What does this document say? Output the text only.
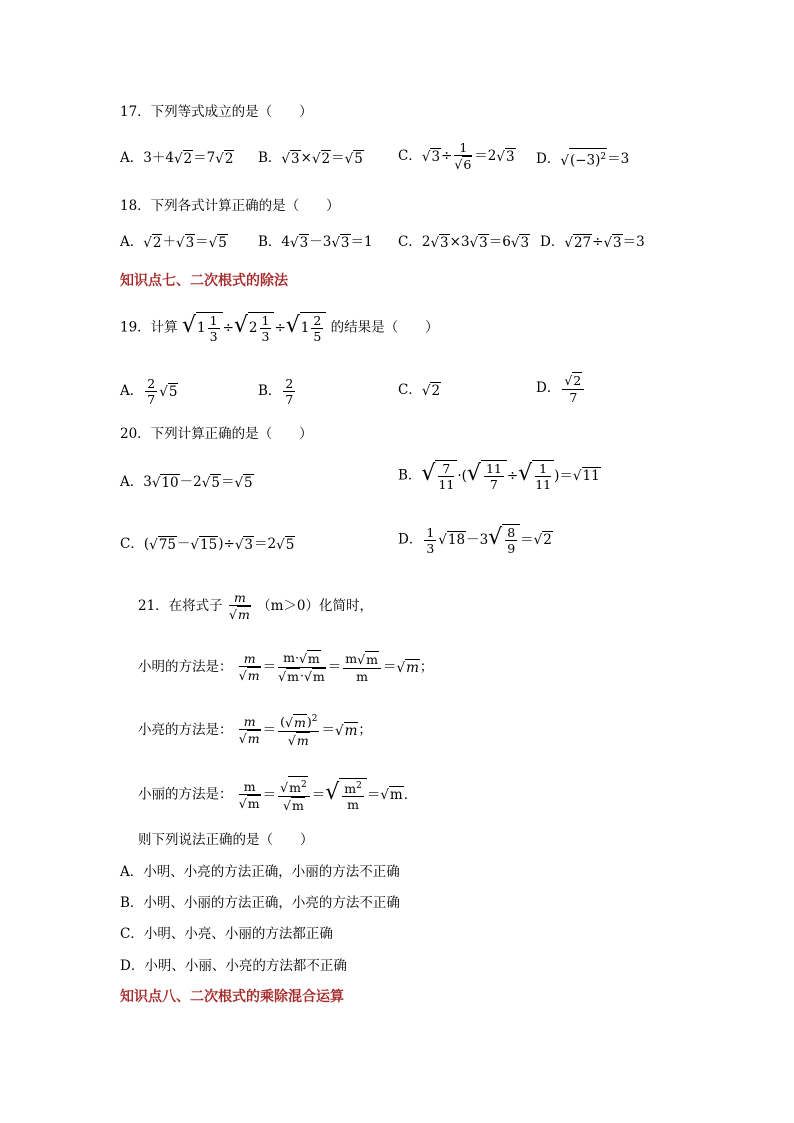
17．下列等式成立的是（　　）
A．3＋4√2＝7√2 B．√3×√2＝√5	C．$√3\div \frac{1}{√6} =2√3$ D．$√(-3)^2=3$
18．下列各式计算正确的是（　　）
A．√2＋√3＝√5 B．4√3－3√3＝1 C．2√3×3√3＝6√3 D．√27÷√3＝3
知识点七、二次根式的除法
19．计算 $√1 \frac{1}{3} \div√2 \frac{1}{3} \div√1 \frac{2}{5}$ 的结果是（　　）
A． $\frac{2}{7} √5$	B． $\frac{2}{7}$	C．√2	D． $\frac{√2}{7}$
20．下列计算正确的是（　　）
A．3√10－2√5＝√5	B．√ $\frac{7}{11}$ ·(√ $\frac{11}{7}$ ÷√ $\frac{1}{11} )=√11$
C．(√75－√15)÷√3＝2√5	D． $\frac{1}{3} √18-3√ \frac{8}{9} =√2$
21．在将式子 $\frac{m}{√m} (m>0)$化简时，
小明的方法是： $\frac{m}{√m} = \frac{m\cdot√m}{√m\cdot√m} = \frac{m√m}{m} =√m$；
小亮的方法是： $\frac{m}{√m} = \frac{(√m)^2}{√m} =√m$；
小丽的方法是： $\frac{m}{√m} = \frac{√m^2}{√m}$ ＝√ $\frac{m^2}{m} =√m$．
则下列说法正确的是（　　）
A．小明、小亮的方法正确，小丽的方法不正确
B．小明、小丽的方法正确，小亮的方法不正确
C．小明、小亮、小丽的方法都正确
D．小明、小丽、小亮的方法都不正确
知识点八、二次根式的乘除混合运算
